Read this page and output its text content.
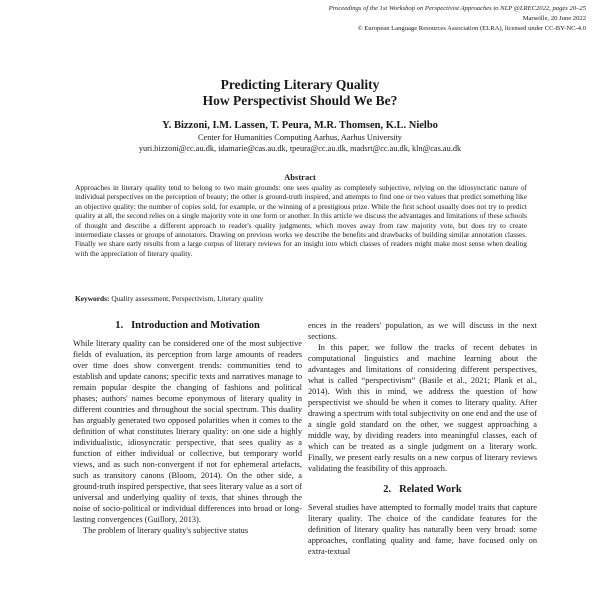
Proceedings of the 1st Workshop on Perspectivist Approaches to NLP @LREC2022, pages 20–25
Marseille, 20 June 2022
© European Language Resources Association (ELRA), licensed under CC-BY-NC-4.0
Predicting Literary Quality
How Perspectivist Should We Be?
Y. Bizzoni, I.M. Lassen, T. Peura, M.R. Thomsen, K.L. Nielbo
Center for Humanities Computing Aarhus, Aarhus University
yuri.bizzoni@cc.au.dk, idamarie@cas.au.dk, tpeura@cc.au.dk, madsrt@cc.au.dk, kln@cas.au.dk
Abstract
Approaches in literary quality tend to belong to two main grounds: one sees quality as completely subjective, relying on the idiosyncratic nature of individual perspectives on the perception of beauty; the other is ground-truth inspired, and attempts to find one or two values that predict something like an objective quality: the number of copies sold, for example, or the winning of a prestigious prize. While the first school usually does not try to predict quality at all, the second relies on a single majority vote in one form or another. In this article we discuss the advantages and limitations of these schools of thought and describe a different approach to reader's quality judgments, which moves away from raw majority vote, but does try to create intermediate classes or groups of annotators. Drawing on previous works we describe the benefits and drawbacks of building similar annotation classes. Finally we share early results from a large corpus of literary reviews for an insight into which classes of readers might make most sense when dealing with the appreciation of literary quality.
Keywords: Quality assessment, Perspectivism, Literary quality
1. Introduction and Motivation

While literary quality can be considered one of the most subjective fields of evaluation, its perception from large amounts of readers over time does show convergent trends: communities tend to establish and update canons; specific texts and narratives manage to remain popular despite the changing of fashions and political phases; authors' names become eponymous of literary quality in different countries and throughout the social spectrum. This duality has arguably generated two opposed polarities when it comes to the definition of what constitutes literary quality: on one side a highly individualistic, idiosyncratic perspective, that sees quality as a function of either individual or collective, but temporary world views, and as such non-convergent if not for ephemeral artefacts, such as transitory canons (Bloom, 2014). On the other side, a ground-truth inspired perspective, that sees literary value as a sort of universal and underlying quality of texts, that shines through the noise of socio-political or individual differences into broad or long-lasting convergences (Guillory, 2013).

The problem of literary quality's subjective status

ences in the readers' population, as we will discuss in the next sections.

In this paper, we follow the tracks of recent debates in computational linguistics and machine learning about the advantages and limitations of considering different perspectives, what is called “perspectivism” (Basile et al., 2021; Plank et al., 2014). With this in mind, we address the question of how perspectivist we should be when it comes to literary quality. After drawing a spectrum with total subjectivity on one end and the use of a single gold standard on the other, we suggest approaching a middle way, by dividing readers into meaningful classes, each of which can be treated as a single judgment on a literary work. Finally, we present early results on a new corpus of literary reviews validating the feasibility of this approach.

2. Related Work

Several studies have attempted to formally model traits that capture literary quality. The choice of the candidate features for the definition of literary quality has naturally been very broad: some approaches, conflating quality and fame, have focused only on extra-textual
